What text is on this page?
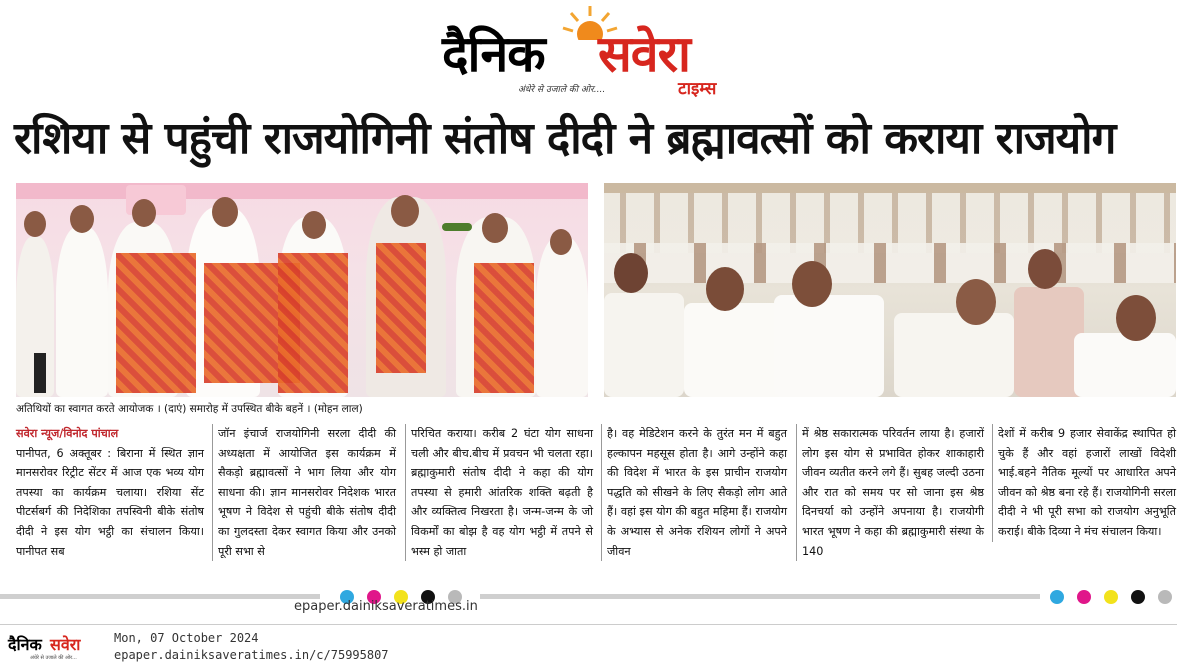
दैनिक सवेरा
अंधेरे से उजाले की ओर....	टाइम्स
रशिया से पहुंची राजयोगिनी संतोष दीदी ने ब्रह्मावत्सों को कराया राजयोग
अतिथियों का स्वागत करते आयोजक । (दाएं) समारोह में उपस्थित बीके बहनें । (मोहन लाल)
सवेरा न्यूज/विनोद पांचाल
पानीपत, 6 अक्तूबर : बिराना में स्थित ज्ञान मानसरोवर रिट्रीट सेंटर में आज एक भव्य योग तपस्या का कार्यक्रम चलाया। रशिया सेंट पीटर्सबर्ग की निदेशिका तपस्विनी बीके संतोष दीदी ने इस योग भट्ठी का संचालन किया। पानीपत सब
जॉन इंचार्ज राजयोगिनी सरला दीदी की अध्यक्षता में आयोजित इस कार्यक्रम में सैकड़ो ब्रह्मावत्सों ने भाग लिया और योग साधना की। ज्ञान मानसरोवर निदेशक भारत भूषण ने विदेश से पहुंची बीके संतोष दीदी का गुलदस्ता देकर स्वागत किया और उनको पूरी सभा से
परिचित कराया। करीब 2 घंटा योग साधना चली और बीच.बीच में प्रवचन भी चलता रहा। ब्रह्माकुमारी संतोष दीदी ने कहा की योग तपस्या से हमारी आंतरिक शक्ति बढ़ती है और व्यक्तित्व निखरता है। जन्म-जन्म के जो विकर्मों का बोझ है वह योग भट्ठी में तपने से भस्म हो जाता
है। वह मेडिटेशन करने के तुरंत मन में बहुत हल्कापन महसूस होता है। आगे उन्होंने कहा की विदेश में भारत के इस प्राचीन राजयोग पद्धति को सीखने के लिए सैकड़ो लोग आते हैं। वहां इस योग की बहुत महिमा हैं। राजयोग के अभ्यास से अनेक रशियन लोगों ने अपने जीवन
में श्रेष्ठ सकारात्मक परिवर्तन लाया है। हजारों लोग इस योग से प्रभावित होकर शाकाहारी जीवन व्यतीत करने लगे हैं। सुबह जल्दी उठना और रात को समय पर सो जाना इस श्रेष्ठ दिनचर्या को उन्होंने अपनाया है। राजयोगी भारत भूषण ने कहा की ब्रह्माकुमारी संस्था के 140
देशों में करीब 9 हजार सेवाकेंद्र स्थापित हो चुके हैं और वहां हजारों लाखों विदेशी भाई.बहने नैतिक मूल्यों पर आधारित अपने जीवन को श्रेष्ठ बना रहे हैं। राजयोगिनी सरला दीदी ने भी पूरी सभा को राजयोग अनुभूति कराई। बीके दिव्या ने मंच संचालन किया।
epaper.dainiksaveratimes.in
दैनिक सवेरा
अंधेरे से उजाले की ओर...
Mon, 07 October 2024
epaper.dainiksaveratimes.in/c/75995807
